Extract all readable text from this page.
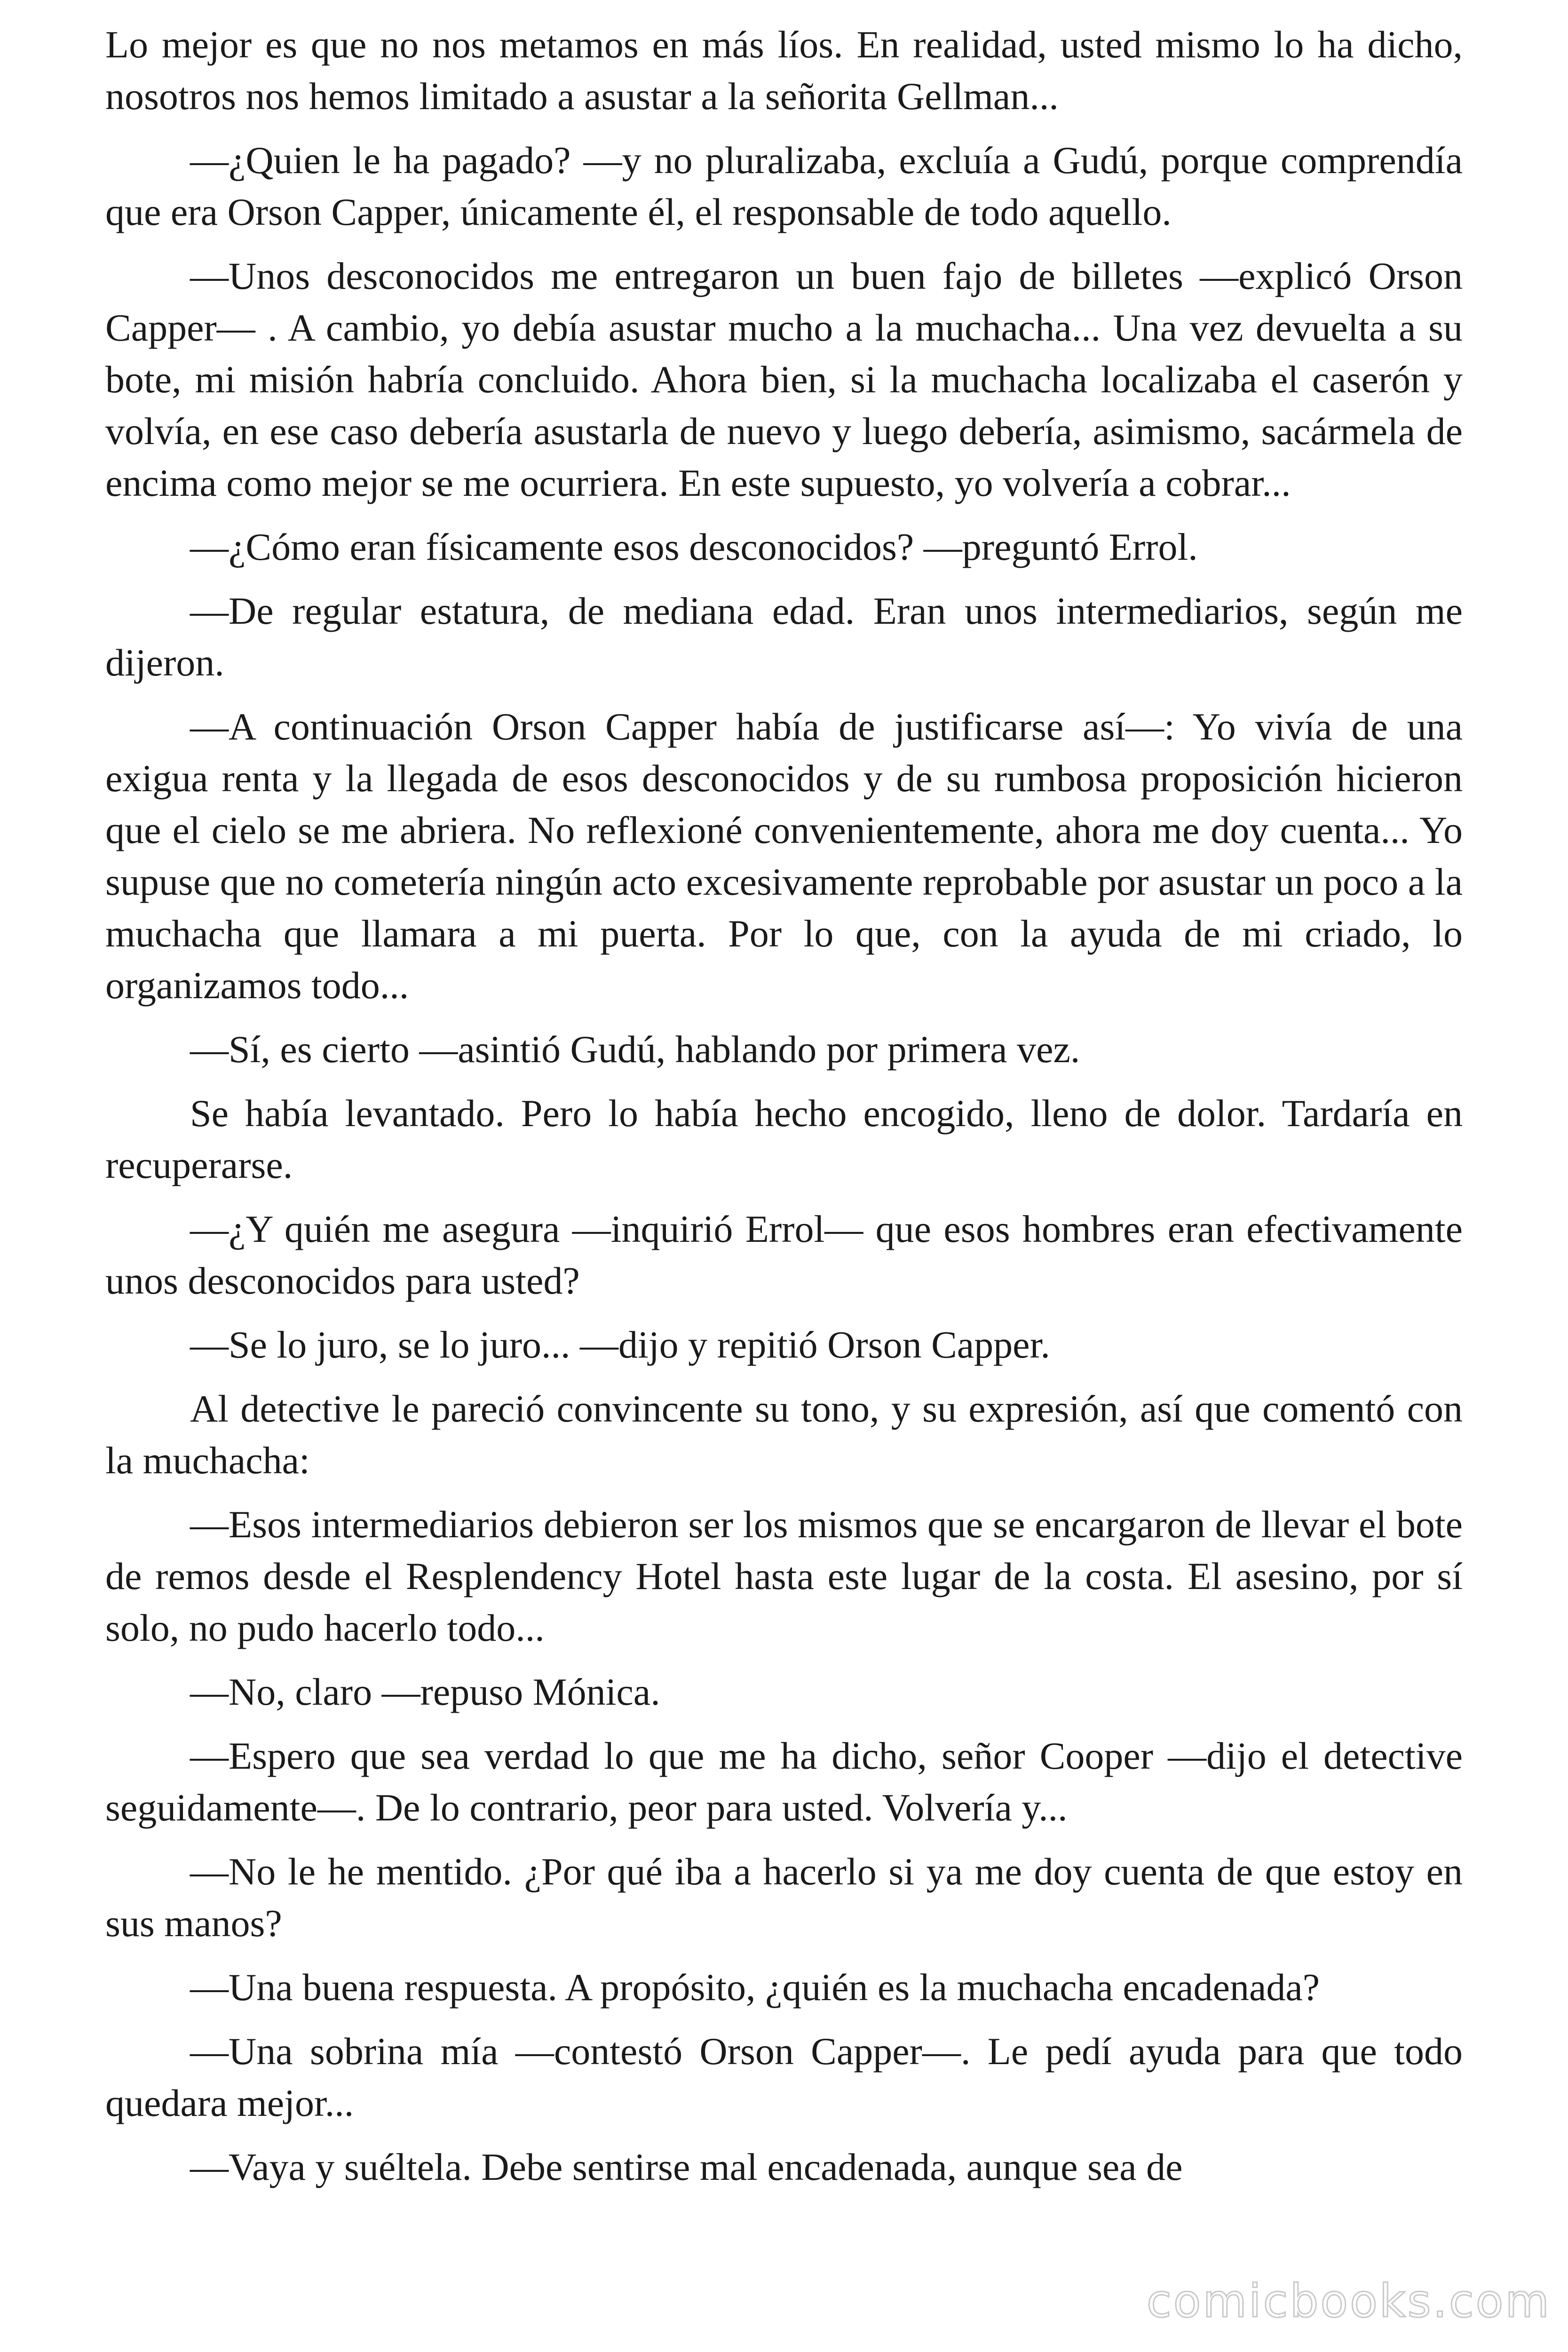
Lo mejor es que no nos metamos en más líos. En realidad, usted mismo lo ha dicho, nosotros nos hemos limitado a asustar a la señorita Gellman...

—¿Quien le ha pagado? —y no pluralizaba, excluía a Gudú, porque comprendía que era Orson Capper, únicamente él, el responsable de todo aquello.

—Unos desconocidos me entregaron un buen fajo de billetes —explicó Orson Capper— . A cambio, yo debía asustar mucho a la muchacha... Una vez devuelta a su bote, mi misión habría concluido. Ahora bien, si la muchacha localizaba el caserón y volvía, en ese caso debería asustarla de nuevo y luego debería, asimismo, sacármela de encima como mejor se me ocurriera. En este supuesto, yo volvería a cobrar...

—¿Cómo eran físicamente esos desconocidos? —preguntó Errol.

—De regular estatura, de mediana edad. Eran unos intermediarios, según me dijeron.

—A continuación Orson Capper había de justificarse así—: Yo vivía de una exigua renta y la llegada de esos desconocidos y de su rumbosa proposición hicieron que el cielo se me abriera. No reflexioné convenientemente, ahora me doy cuenta... Yo supuse que no cometería ningún acto excesivamente reprobable por asustar un poco a la muchacha que llamara a mi puerta. Por lo que, con la ayuda de mi criado, lo organizamos todo...

—Sí, es cierto —asintió Gudú, hablando por primera vez.

Se había levantado. Pero lo había hecho encogido, lleno de dolor. Tardaría en recuperarse.

—¿Y quién me asegura —inquirió Errol— que esos hombres eran efectivamente unos desconocidos para usted?

—Se lo juro, se lo juro... —dijo y repitió Orson Capper.

Al detective le pareció convincente su tono, y su expresión, así que comentó con la muchacha:

—Esos intermediarios debieron ser los mismos que se encargaron de llevar el bote de remos desde el Resplendency Hotel hasta este lugar de la costa. El asesino, por sí solo, no pudo hacerlo todo...

—No, claro —repuso Mónica.

—Espero que sea verdad lo que me ha dicho, señor Cooper —dijo el detective seguidamente—. De lo contrario, peor para usted. Volvería y...

—No le he mentido. ¿Por qué iba a hacerlo si ya me doy cuenta de que estoy en sus manos?

—Una buena respuesta. A propósito, ¿quién es la muchacha encadenada?

—Una sobrina mía —contestó Orson Capper—. Le pedí ayuda para que todo quedara mejor...

—Vaya y suéltela. Debe sentirse mal encadenada, aunque sea de

comicbooks.com
